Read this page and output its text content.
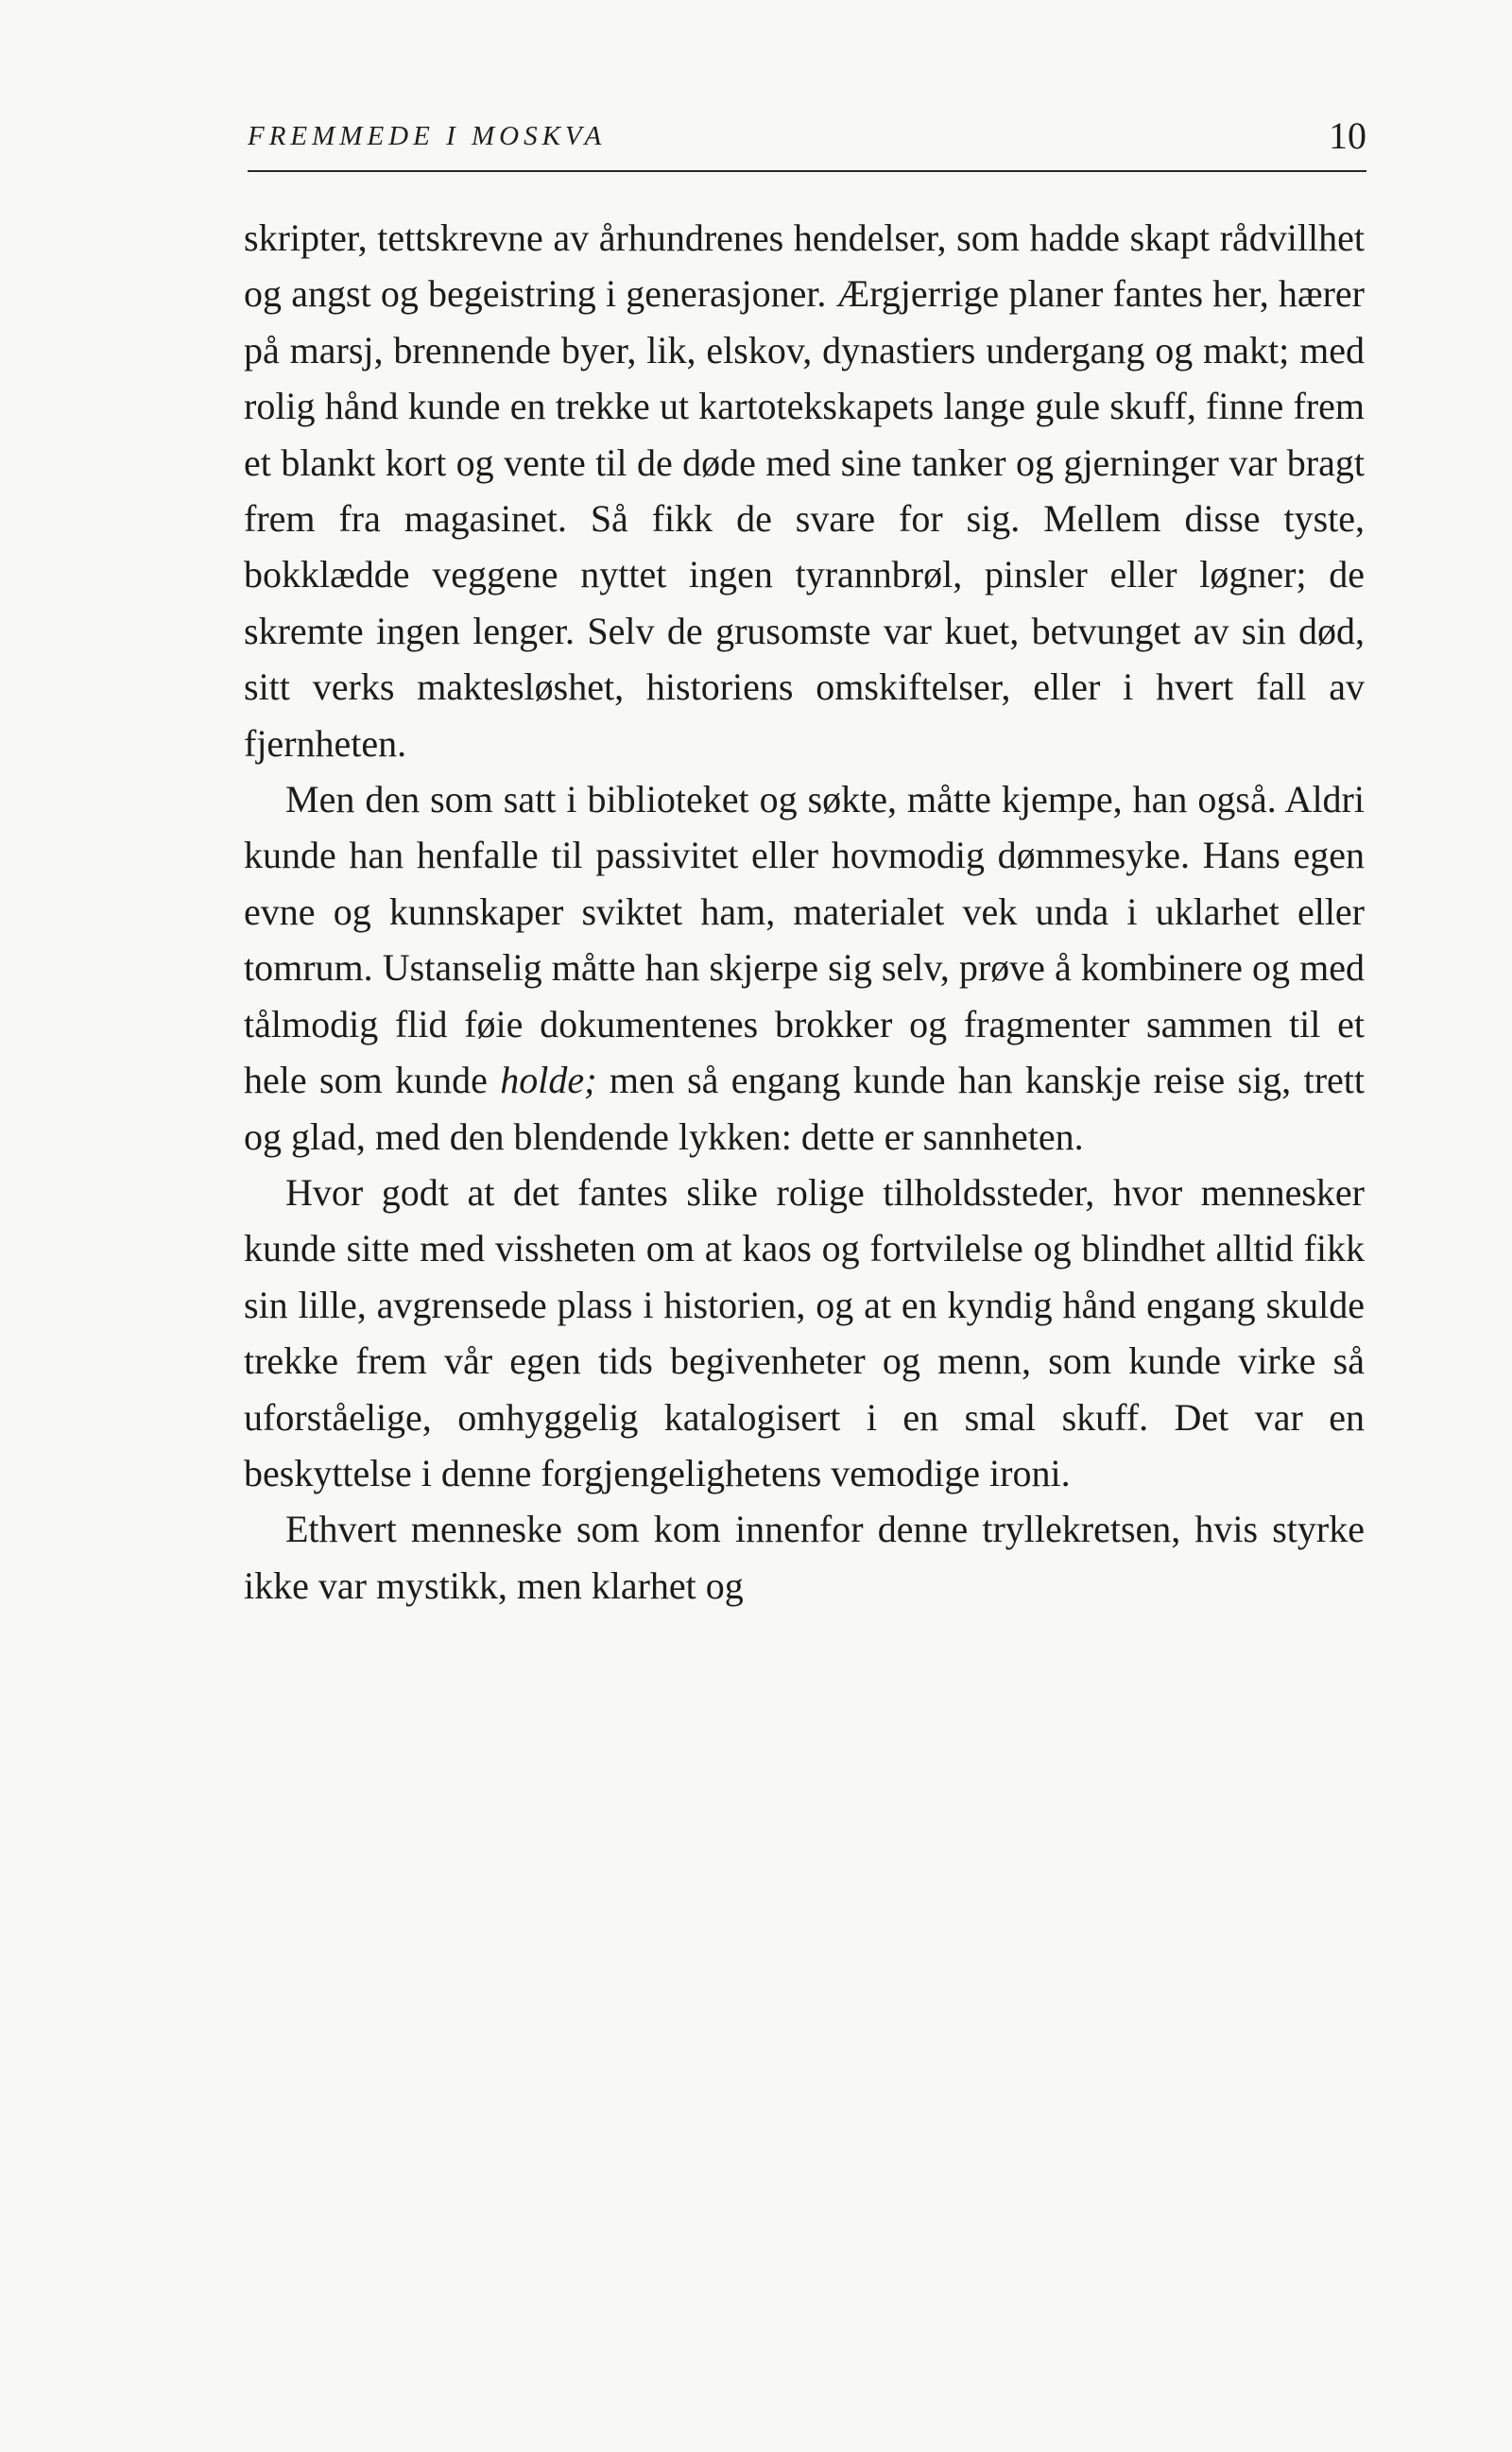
FREMMEDE I MOSKVA	10

skripter, tettskrevne av århundrenes hendelser, som hadde skapt rådvillhet og angst og begeistring i generasjoner. Ærgjerrige planer fantes her, hærer på marsj, brennende byer, lik, elskov, dynastiers undergang og makt; med rolig hånd kunde en trekke ut kartotekskapets lange gule skuff, finne frem et blankt kort og vente til de døde med sine tanker og gjerninger var bragt frem fra magasinet. Så fikk de svare for sig. Mellem disse tyste, bokklædde veggene nyttet ingen tyrannbrøl, pinsler eller løgner; de skremte ingen lenger. Selv de grusomste var kuet, betvunget av sin død, sitt verks maktesløshet, historiens omskiftelser, eller i hvert fall av fjernheten.

Men den som satt i biblioteket og søkte, måtte kjempe, han også. Aldri kunde han henfalle til passivitet eller hovmodig dømmesyke. Hans egen evne og kunnskaper sviktet ham, materialet vek unda i uklarhet eller tomrum. Ustanselig måtte han skjerpe sig selv, prøve å kombinere og med tålmodig flid føie dokumentenes brokker og fragmenter sammen til et hele som kunde holde; men så engang kunde han kanskje reise sig, trett og glad, med den blendende lykken: dette er sannheten.

Hvor godt at det fantes slike rolige tilholdssteder, hvor mennesker kunde sitte med vissheten om at kaos og fortvilelse og blindhet alltid fikk sin lille, avgrensede plass i historien, og at en kyndig hånd engang skulde trekke frem vår egen tids begivenheter og menn, som kunde virke så uforståelige, omhyggelig katalogisert i en smal skuff. Det var en beskyttelse i denne forgjengelighetens vemodige ironi.

Ethvert menneske som kom innenfor denne tryllekretsen, hvis styrke ikke var mystikk, men klarhet og
